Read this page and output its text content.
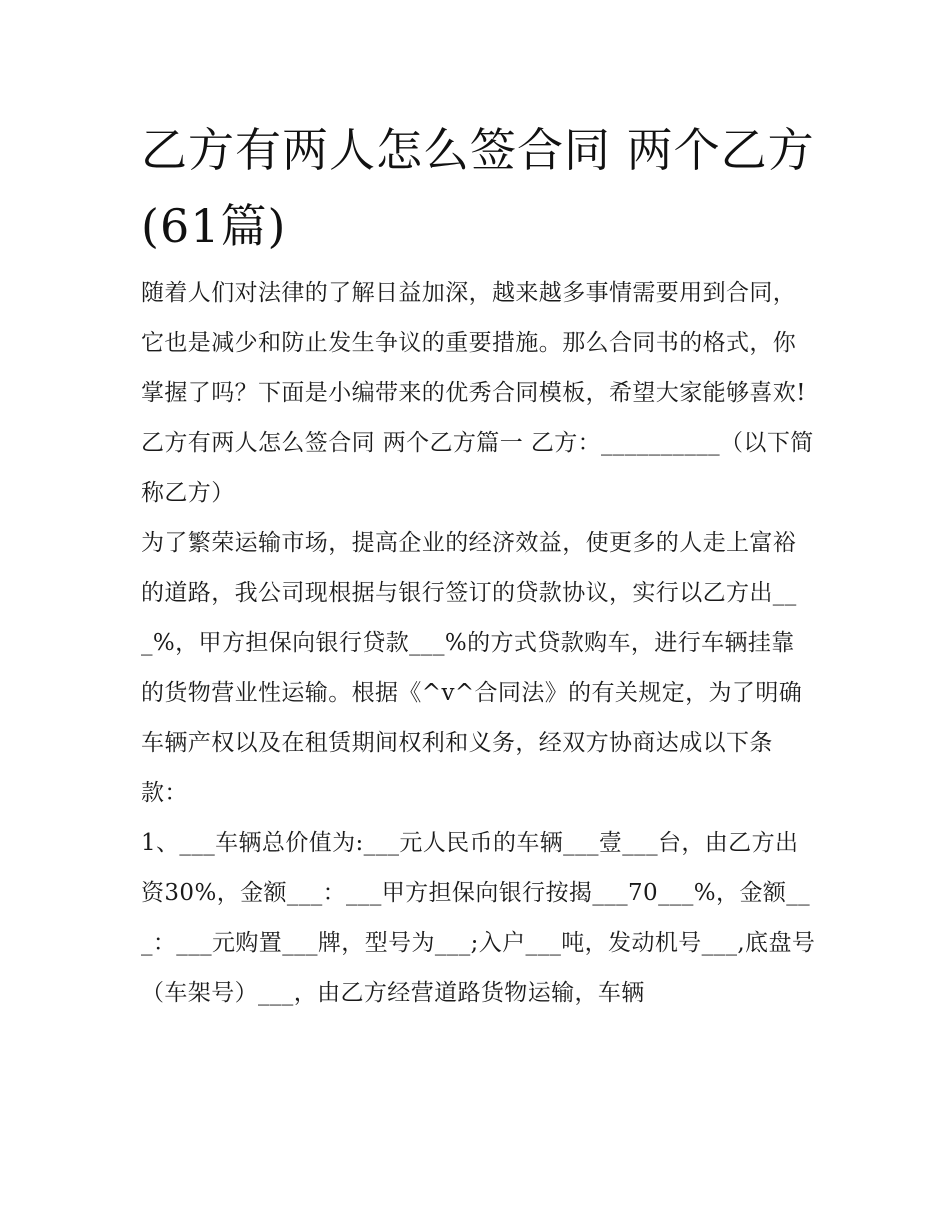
乙方有两人怎么签合同 两个乙方(61篇)

随着人们对法律的了解日益加深，越来越多事情需要用到合同，它也是减少和防止发生争议的重要措施。那么合同书的格式，你掌握了吗？下面是小编带来的优秀合同模板，希望大家能够喜欢!

乙方有两人怎么签合同 两个乙方篇一 乙方：__________（以下简称乙方）

为了繁荣运输市场，提高企业的经济效益，使更多的人走上富裕的道路，我公司现根据与银行签订的贷款协议，实行以乙方出___%，甲方担保向银行贷款___%的方式贷款购车，进行车辆挂靠的货物营业性运输。根据《^v^合同法》的有关规定，为了明确车辆产权以及在租赁期间权利和义务，经双方协商达成以下条款：

1、___车辆总价值为:___元人民币的车辆___壹___台，由乙方出资30%，金额___：___甲方担保向银行按揭___70___%，金额___：___元购置___牌，型号为___;入户___吨，发动机号___,底盘号（车架号）___，由乙方经营道路货物运输，车辆
